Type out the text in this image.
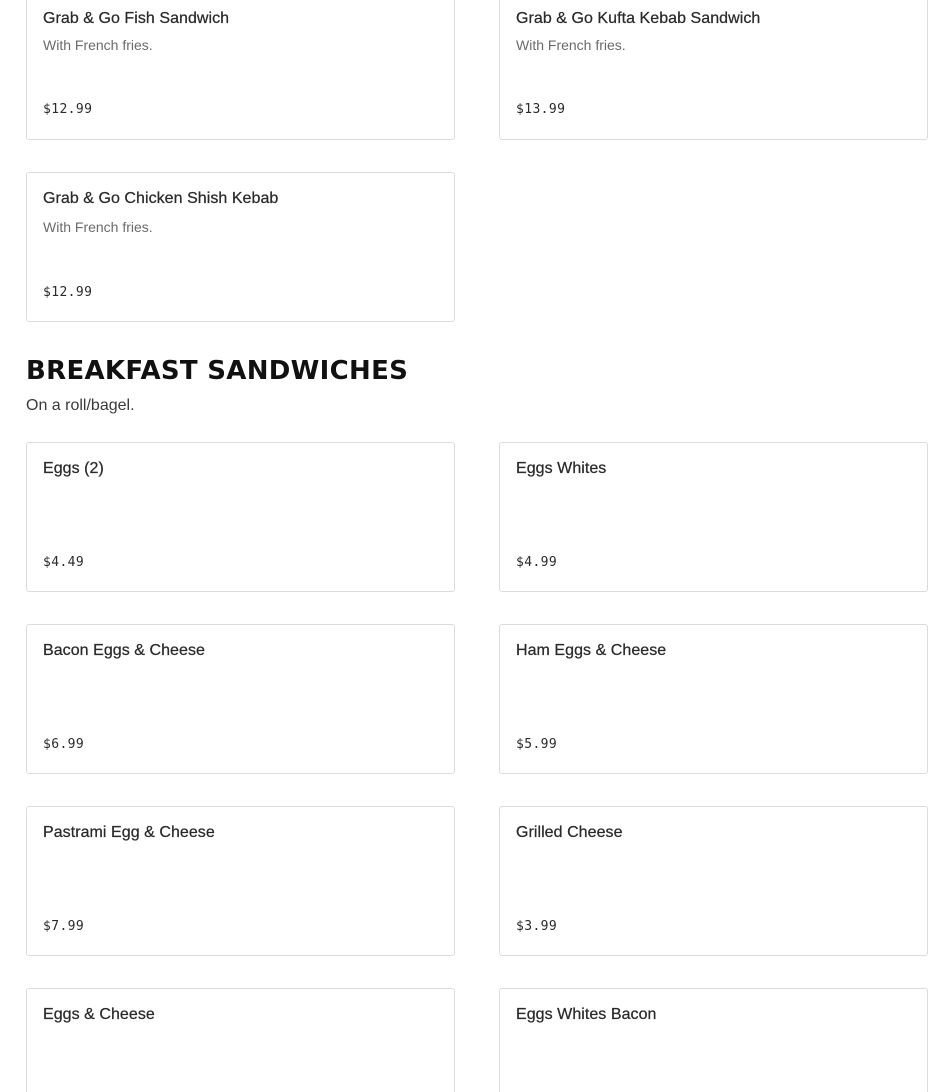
Grab & Go Fish Sandwich
With French fries.
$12.99
Grab & Go Kufta Kebab Sandwich
With French fries.
$13.99
Grab & Go Chicken Shish Kebab
With French fries.
$12.99
BREAKFAST SANDWICHES
On a roll/bagel.
Eggs (2)
$4.49
Eggs Whites
$4.99
Bacon Eggs & Cheese
$6.99
Ham Eggs & Cheese
$5.99
Pastrami Egg & Cheese
$7.99
Grilled Cheese
$3.99
Eggs & Cheese	Eggs Whites Bacon
